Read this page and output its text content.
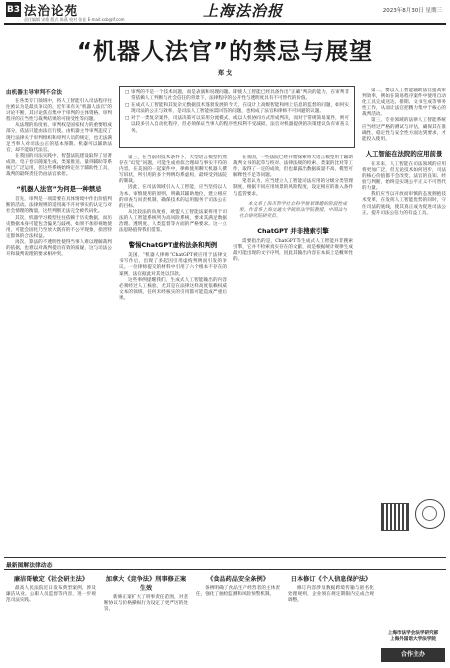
B3 法治论苑
责任编辑 宋歌 版式 陈燕 校对 张佳 E-mail:xsb@lf.com	上海法治报	2023年8月30日 星期三
“机器人法官”的禁忌与展望
郑 戈

□ 审判的不是一个技术问题，而是表演和说理问题。即使人工智能已经具备作出“正确”判决的能力，在审判非常依赖人工判断与社会信任的背景下，法律程序的公开性与透明度具有不可替代的价值。

□ 在成式人工智能和其复杂元数据技术蓬勃发展的今天，在设计上高级智能和网上信息的监督的问题，如何实现司法的公正与效率，是司法人工智能亟需回答的问题，也构成了法官和律师不可回避的议题。

□ 对于一类复杂案件，司法决策可以采用分流模式，或以人机协同方式形成判决，而对于常规简易案件，则可以较多引入自动化程序，但必须保证当事人的程序性权利不受减损，法官对机器提供的决策建议负有审查义务。

由机器主导审判不合法

在各类专门领域中，将人工智能引入司法程序往往被认为是最具争议的。近年来有关“机器人法官”的讨论不断，其讨论焦点集中于审判的主体资格、审判程序的正当性与裁判结果的可接受性等问题。

从法理的角度看，审判权是国家权力的重要组成部分，依法只能由法官行使。由机器主导审判违反了现行法律关于审判组织和审判人员的规定，也无法满足当事人对司法公正的基本预期。机器可以辅助法官，却不能取代法官。

在我国的司法实践中，智慧法院建设取得了显著成效，电子卷宗随案生成、类案推送、量刑辅助等系统已广泛运用，但这些系统始终定位于辅助性工具，裁判的最终责任仍由法官承担。

“机器人法官”为何是一种禁忌

首先，审判是一项需要在具体情境中作出价值判断的活动。法律规则的适用离不开对事实的认定与对社会情理的衡量，这些判断无法完全被代码化。

其次，机器学习模型往往依赖于历史数据，而历史数据本身可能包含偏见与歧视，如果不加审视地使用，可能会固化乃至放大既有的不公平现象，损害特定群体的合法权益。

再次，算法的不透明性使得当事人难以理解裁判的依据，也难以对裁判提出有效的质疑，这与司法公开和裁判说理的要求相冲突。

第三，在当前的技术条件下，大型语言模型仍然存在“幻觉”问题，可能生成看似合理却与事实不符的内容。在美国的一起案件中，律师使用聊天机器人撰写诉状，所引用的多个判例均系虚构，最终受到法院的制裁。

因此，在司法领域引入人工智能，应当坚持以人为本、审慎使用的原则，明确其辅助地位，建立相应的审查与问责机制，确保技术的运用服务于司法公正的目标。

从比较法的角度看，欧盟人工智能法案将用于司法的人工智能系统列为高风险系统，要求其满足数据治理、透明度、人类监督等方面的严格要求。这一立法思路值得我们借鉴。

警惕ChatGPT虚构法条和判例

美国，“机器人律师”ChatGPT被应用于法律文书写作后，出现了多起因引用虚构判例而引发的争议。一位律师提交的材料中引用了六个根本不存在的案例，法官据此对其处以罚款。

这些事例提醒我们，生成式人工智能输出的内容必须经过人工核验，尤其是在法律这样高度依赖权威文本的领域，任何未经核实的引用都可能造成严重后果。

在我国，一些法院已经开始探索将大语言模型用于辅助裁判文书的起草与校对、法律法规的检索、类案的比对等工作，取得了一定的成效，但也暴露出数据质量不高、模型可解释性不足等问题。

笔者认为，应当建立人工智能司法应用的分级分类管理制度，根据不同应用场景的风险程度，设定相应的准入条件与监管要求。

本文系上海市哲学社会科学规划课题的阶段性成果。作者系上海交通大学凯原法学院教授，中国法与社会研究院研究员。

ChatGPT 并非搜索引擎

需要指出的是，ChatGPT等生成式人工智能并非搜索引擎，它并不检索真实存在的文献，而是根据统计规律生成最可能出现的文字序列，因此其输出内容在本质上是概率性的。

第二，要以人工智能辅助法官提高审判效率，例如在简易程序案件中使用自动化工具完成送达、排期、文书生成等事务性工作，从而让法官把精力集中于核心的裁判活动。

第三，专业领域的法律人工智能系统应当经过严格的测试与评估，确保其在准确性、稳定性与安全性方面达到要求，才能投入使用。

人工智能在法院的应用前景

在未来，人工智能在司法领域的应用将更加广泛，但无论技术如何进步，司法的核心价值都不会改变。法官的良知、经验与判断，始终是实现公平正义不可替代的力量。

我们应当以开放而审慎的态度拥抱技术变革，在发挥人工智能优势的同时，守住司法的底线，使其真正成为促进司法公正、提升司法公信力的有益工具。

最新图解法律动态
廉洁哥敏定《社会研主法》

最高人民法院近日发布典型案例，涉及廉洁从业、公职人员监督等内容，进一步规范司法实践。

加拿大《竞争法》刑事修正案生效

新修正案扩大了刑事责任范围，对垄断协议与价格操纵行为设定了更严厉的处罚。

《食品药品安全条例》

条例明确了食品生产经营者的主体责任，强化了抽检监测和风险预警机制。

日本修订《个人信息保护法》

修订内容涉及数据跨境传输与匿名化处理规则，企业须在规定期限内完成合规调整。

上海市法学会法学研究部
上海外国语大学法学院
合作主办
